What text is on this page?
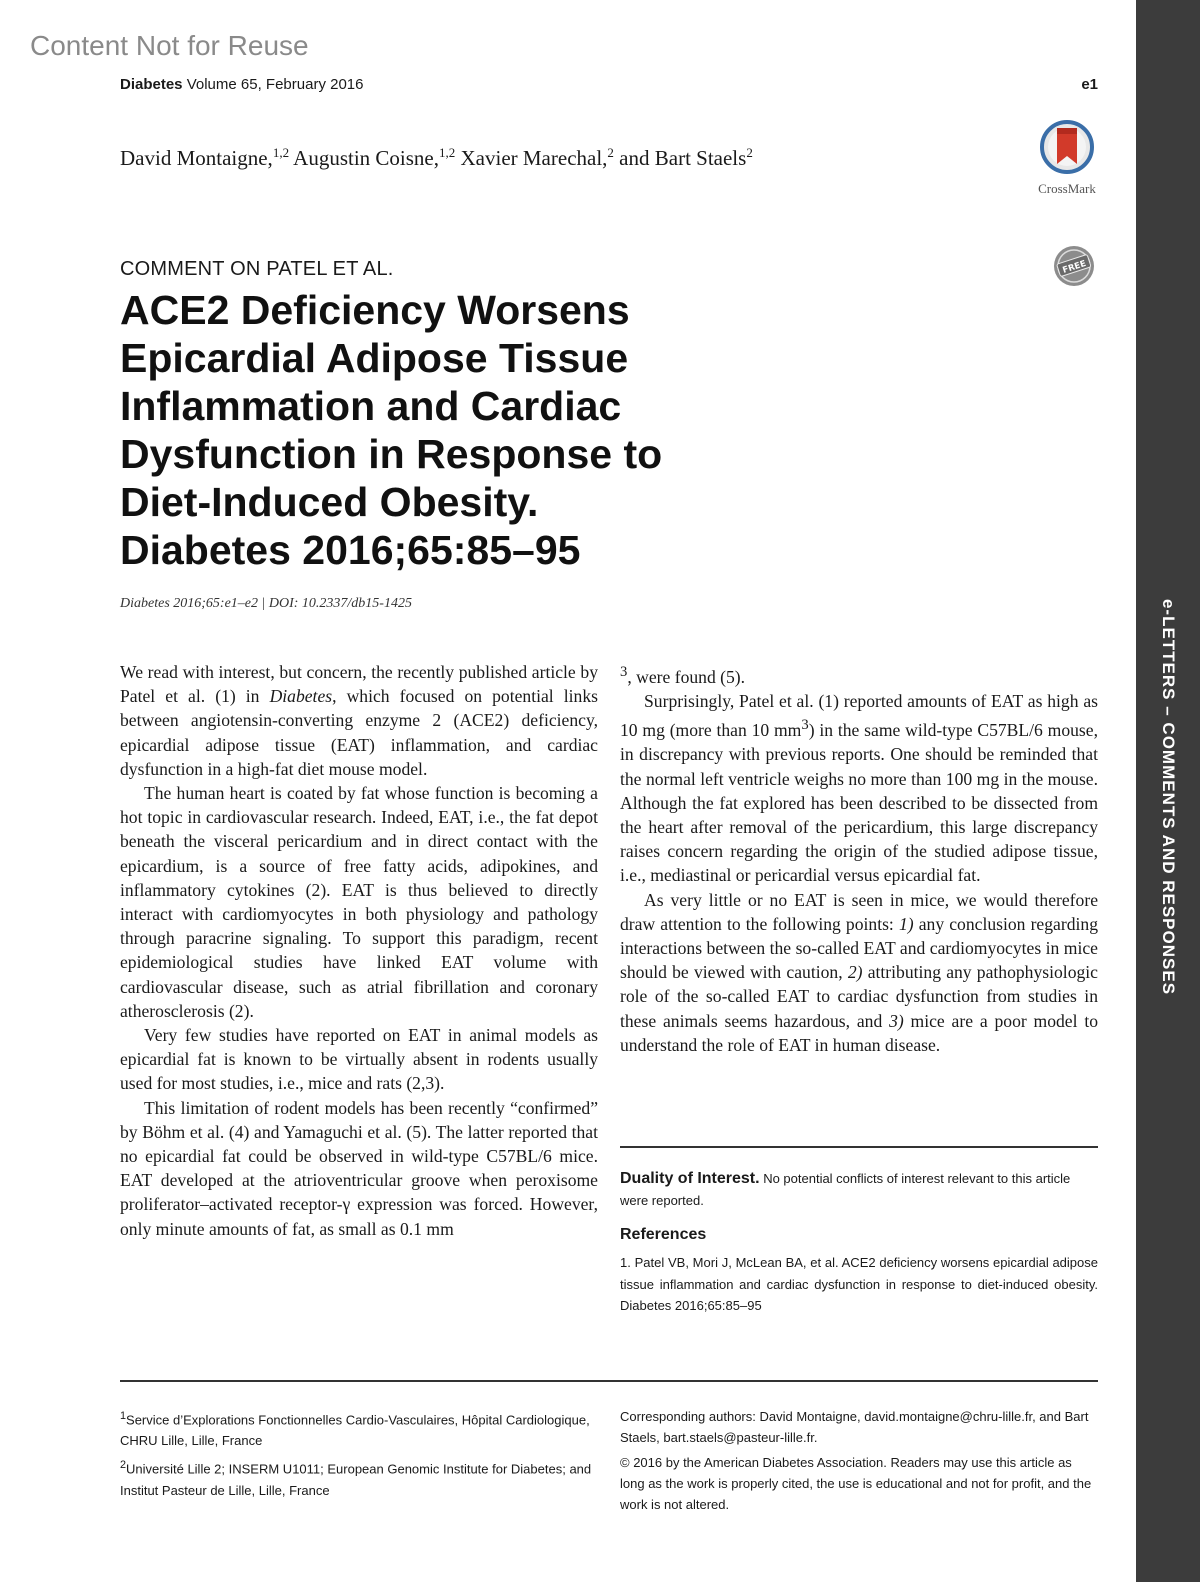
Content Not for Reuse
Diabetes Volume 65, February 2016	e1
David Montaigne,$^{1,2}$ Augustin Coisne,$^{1,2}$ Xavier Marechal,$^2$ and Bart Staels$^2$
CrossMark
FREE
COMMENT ON PATEL ET AL.
ACE2 Deficiency Worsens Epicardial Adipose Tissue Inflammation and Cardiac Dysfunction in Response to Diet-Induced Obesity. Diabetes 2016;65:85–95
Diabetes 2016;65:e1–e2 | DOI: 10.2337/db15-1425

We read with interest, but concern, the recently published article by Patel et al. (1) in Diabetes, which focused on potential links between angiotensin-converting enzyme 2 (ACE2) deficiency, epicardial adipose tissue (EAT) inflammation, and cardiac dysfunction in a high-fat diet mouse model.

The human heart is coated by fat whose function is becoming a hot topic in cardiovascular research. Indeed, EAT, i.e., the fat depot beneath the visceral pericardium and in direct contact with the epicardium, is a source of free fatty acids, adipokines, and inflammatory cytokines (2). EAT is thus believed to directly interact with cardiomyocytes in both physiology and pathology through paracrine signaling. To support this paradigm, recent epidemiological studies have linked EAT volume with cardiovascular disease, such as atrial fibrillation and coronary atherosclerosis (2).

Very few studies have reported on EAT in animal models as epicardial fat is known to be virtually absent in rodents usually used for most studies, i.e., mice and rats (2,3).

This limitation of rodent models has been recently “confirmed” by Böhm et al. (4) and Yamaguchi et al. (5). The latter reported that no epicardial fat could be observed in wild-type C57BL/6 mice. EAT developed at the atrioventricular groove when peroxisome proliferator–activated receptor-γ expression was forced. However, only minute amounts of fat, as small as 0.1 mm

$^3$, were found (5).

Surprisingly, Patel et al. (1) reported amounts of EAT as high as 10 mg (more than 10 $mm^3$) in the same wild-type C57BL/6 mouse, in discrepancy with previous reports. One should be reminded that the normal left ventricle weighs no more than 100 mg in the mouse. Although the fat explored has been described to be dissected from the heart after removal of the pericardium, this large discrepancy raises concern regarding the origin of the studied adipose tissue, i.e., mediastinal or pericardial versus epicardial fat.

As very little or no EAT is seen in mice, we would therefore draw attention to the following points: 1) any conclusion regarding interactions between the so-called EAT and cardiomyocytes in mice should be viewed with caution, 2) attributing any pathophysiologic role of the so-called EAT to cardiac dysfunction from studies in these animals seems hazardous, and 3) mice are a poor model to understand the role of EAT in human disease.

Duality of Interest. No potential conflicts of interest relevant to this article were reported.
References
1. Patel VB, Mori J, McLean BA, et al. ACE2 deficiency worsens epicardial adipose tissue inflammation and cardiac dysfunction in response to diet-induced obesity. Diabetes 2016;65:85–95

$^1$Service d’Explorations Fonctionnelles Cardio-Vasculaires, Hôpital Cardiologique, CHRU Lille, Lille, France

$^2$Université Lille 2; INSERM U1011; European Genomic Institute for Diabetes; and Institut Pasteur de Lille, Lille, France

Corresponding authors: David Montaigne, david.montaigne@chru-lille.fr, and Bart Staels, bart.staels@pasteur-lille.fr.

© 2016 by the American Diabetes Association. Readers may use this article as long as the work is properly cited, the use is educational and not for profit, and the work is not altered.

e-LETTERS – COMMENTS AND RESPONSES
